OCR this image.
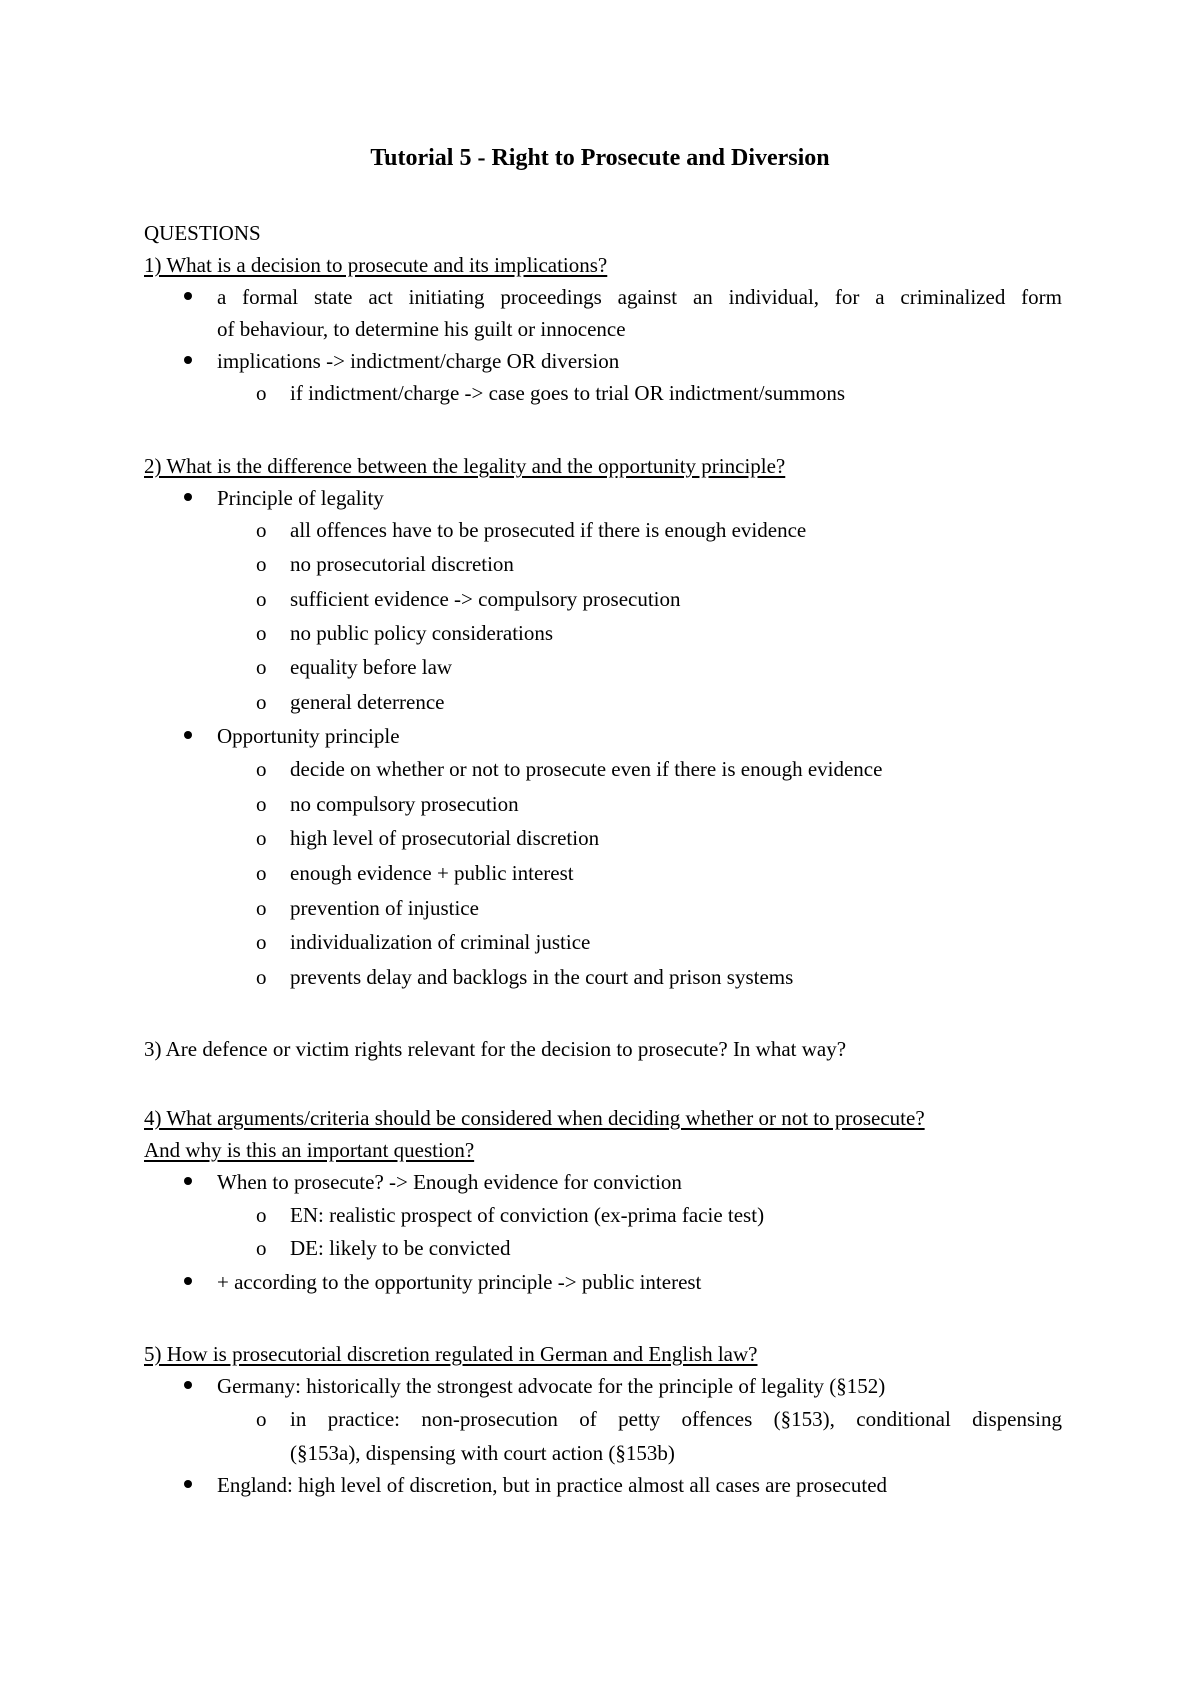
Tutorial 5 - Right to Prosecute and Diversion
QUESTIONS
1) What is a decision to prosecute and its implications?
a formal state act initiating proceedings against an individual, for a criminalized form
of behaviour, to determine his guilt or innocence
implications -> indictment/charge OR diversion
o if indictment/charge -> case goes to trial OR indictment/summons
2) What is the difference between the legality and the opportunity principle?
Principle of legality
o all offences have to be prosecuted if there is enough evidence
o no prosecutorial discretion
o sufficient evidence -> compulsory prosecution
o no public policy considerations
o equality before law
o general deterrence
Opportunity principle
o decide on whether or not to prosecute even if there is enough evidence
o no compulsory prosecution
o high level of prosecutorial discretion
o enough evidence + public interest
o prevention of injustice
o individualization of criminal justice
o prevents delay and backlogs in the court and prison systems
3) Are defence or victim rights relevant for the decision to prosecute? In what way?
4) What arguments/criteria should be considered when deciding whether or not to prosecute?
And why is this an important question?
When to prosecute? -> Enough evidence for conviction
o EN: realistic prospect of conviction (ex-prima facie test)
o DE: likely to be convicted
+ according to the opportunity principle -> public interest
5) How is prosecutorial discretion regulated in German and English law?
Germany: historically the strongest advocate for the principle of legality (§152)
o in practice: non-prosecution of petty offences (§153), conditional dispensing
(§153a), dispensing with court action (§153b)
England: high level of discretion, but in practice almost all cases are prosecuted
